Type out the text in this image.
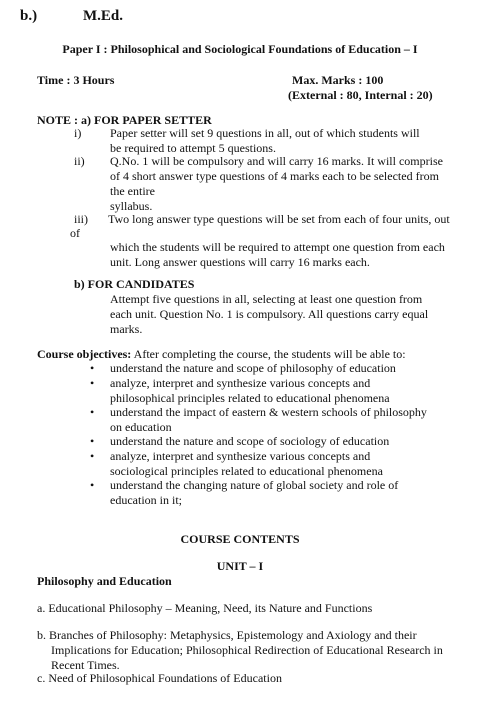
b.)	M.Ed.
Paper I : Philosophical and Sociological Foundations of Education – I
Time : 3 Hours	Max. Marks : 100
(External : 80, Internal : 20)
NOTE : a) FOR PAPER SETTER
i) Paper setter will set 9 questions in all, out of which students will
be required to attempt 5 questions.
ii) Q.No. 1 will be compulsory and will carry 16 marks. It will comprise
of 4 short answer type questions of 4 marks each to be selected from
the entire
syllabus.
iii) Two long answer type questions will be set from each of four units, out
of
which the students will be required to attempt one question from each
unit. Long answer questions will carry 16 marks each.
b) FOR CANDIDATES
Attempt five questions in all, selecting at least one question from
each unit. Question No. 1 is compulsory. All questions carry equal
marks.
Course objectives: After completing the course, the students will be able to:
• understand the nature and scope of philosophy of education
• analyze, interpret and synthesize various concepts and
philosophical principles related to educational phenomena
• understand the impact of eastern & western schools of philosophy
on education
• understand the nature and scope of sociology of education
• analyze, interpret and synthesize various concepts and
sociological principles related to educational phenomena
• understand the changing nature of global society and role of
education in it;
COURSE CONTENTS
UNIT – I
Philosophy and Education
a. Educational Philosophy – Meaning, Need, its Nature and Functions
b. Branches of Philosophy: Metaphysics, Epistemology and Axiology and their
Implications for Education; Philosophical Redirection of Educational Research in
Recent Times.
c. Need of Philosophical Foundations of Education
